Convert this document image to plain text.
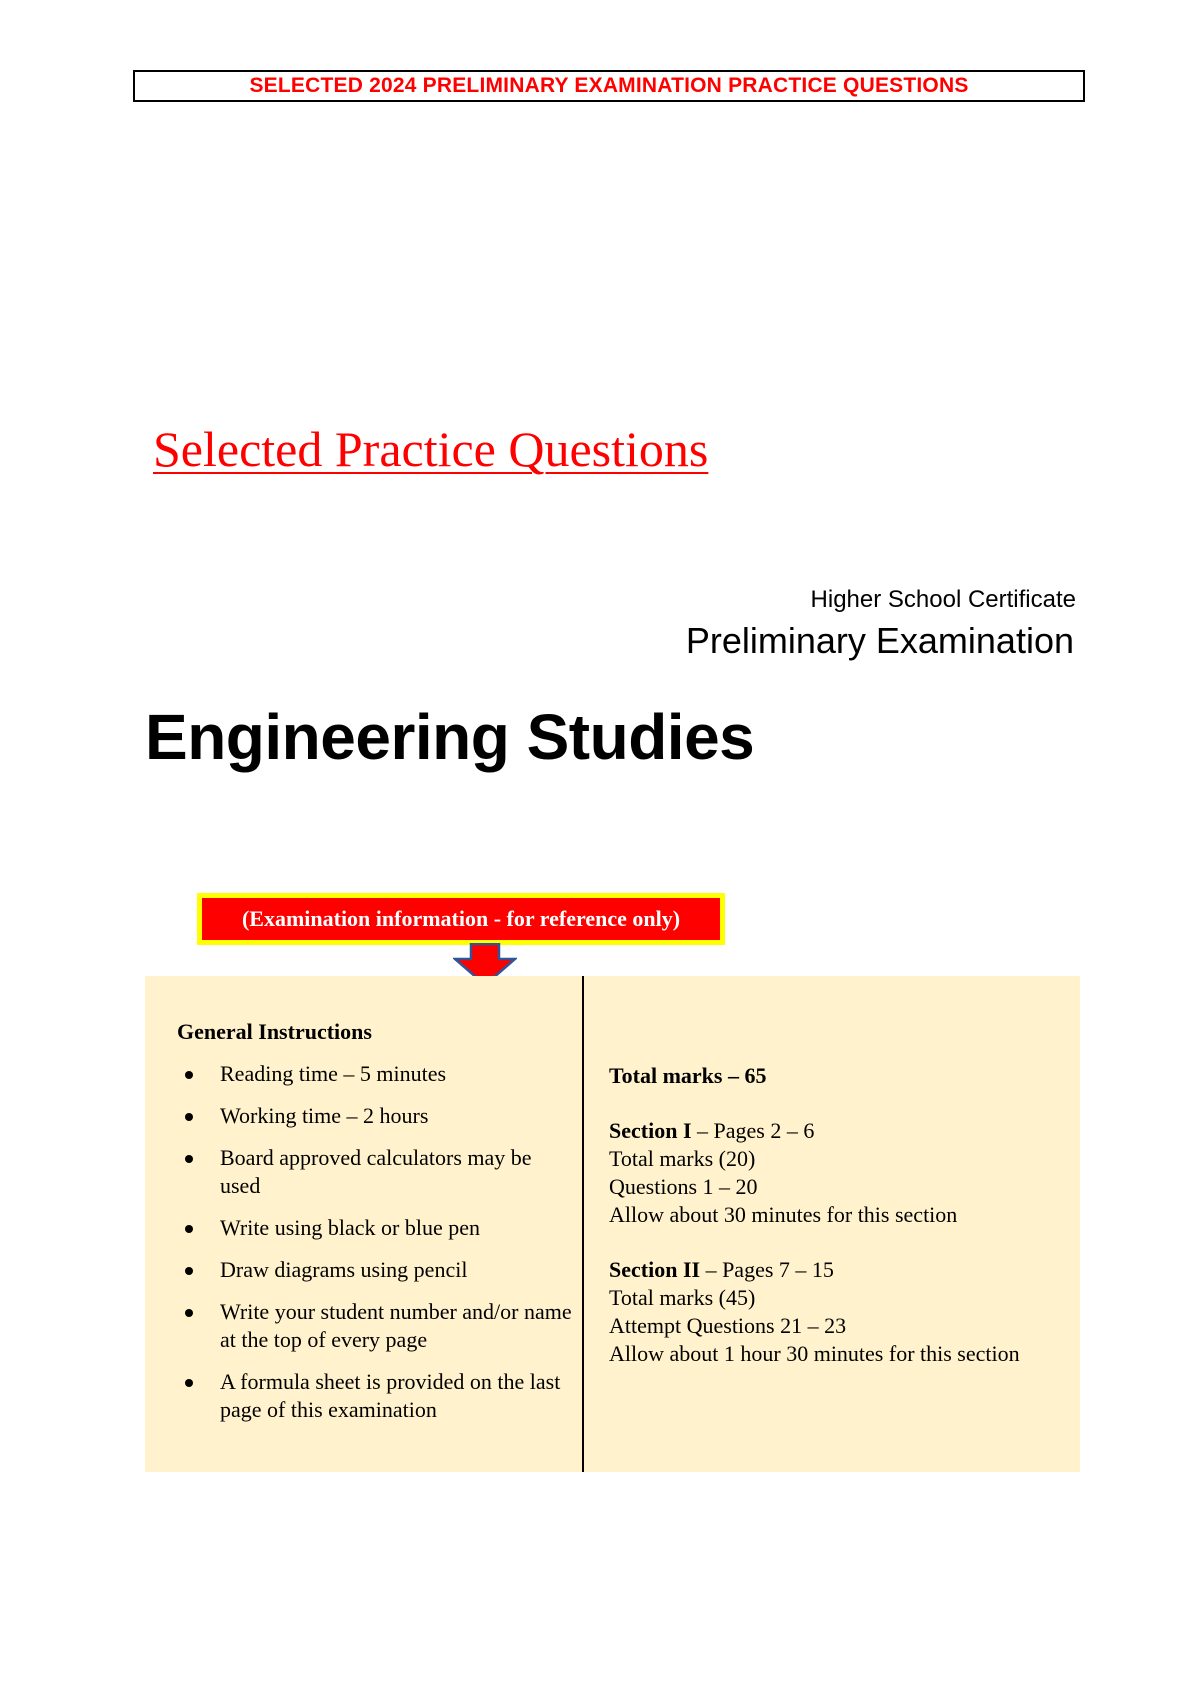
SELECTED 2024 PRELIMINARY EXAMINATION PRACTICE QUESTIONS
Selected Practice Questions
Higher School Certificate
Preliminary Examination
Engineering Studies
(Examination information - for reference only)
General Instructions
Reading time – 5 minutes
Working time – 2 hours
Board approved calculators may be used
Write using black or blue pen
Draw diagrams using pencil
Write your student number and/or name at the top of every page
A formula sheet is provided on the last page of this examination
Total marks – 65
Section I – Pages 2 – 6
Total marks (20)
Questions 1 – 20
Allow about 30 minutes for this section
Section II – Pages 7 – 15
Total marks (45)
Attempt Questions 21 – 23
Allow about 1 hour 30 minutes for this section
